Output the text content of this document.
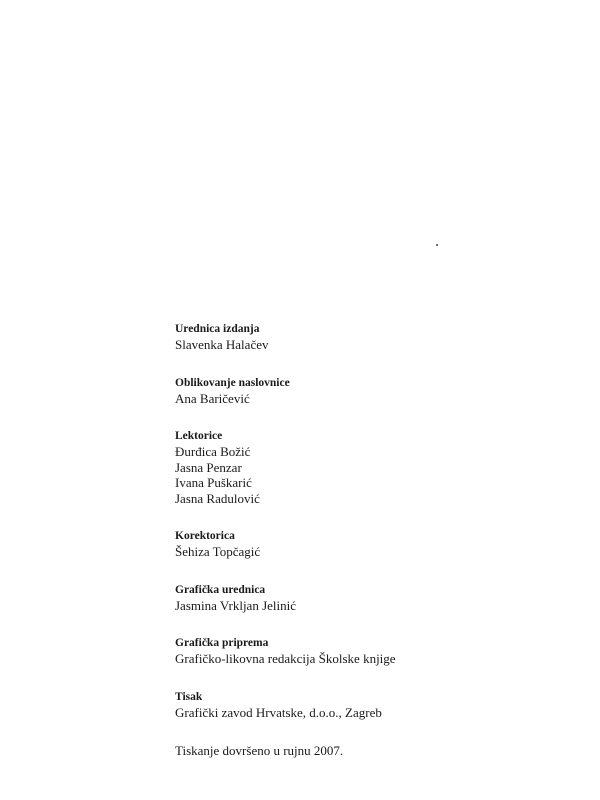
Urednica izdanja
Slavenka Halačev
Oblikovanje naslovnice
Ana Baričević
Lektorice
Đurđica Božić
Jasna Penzar
Ivana Puškarić
Jasna Radulović
Korektorica
Šehiza Topčagić
Grafička urednica
Jasmina Vrkljan Jelinić
Grafička priprema
Grafičko-likovna redakcija Školske knjige
Tisak
Grafički zavod Hrvatske, d.o.o., Zagreb
Tiskanje dovršeno u rujnu 2007.
